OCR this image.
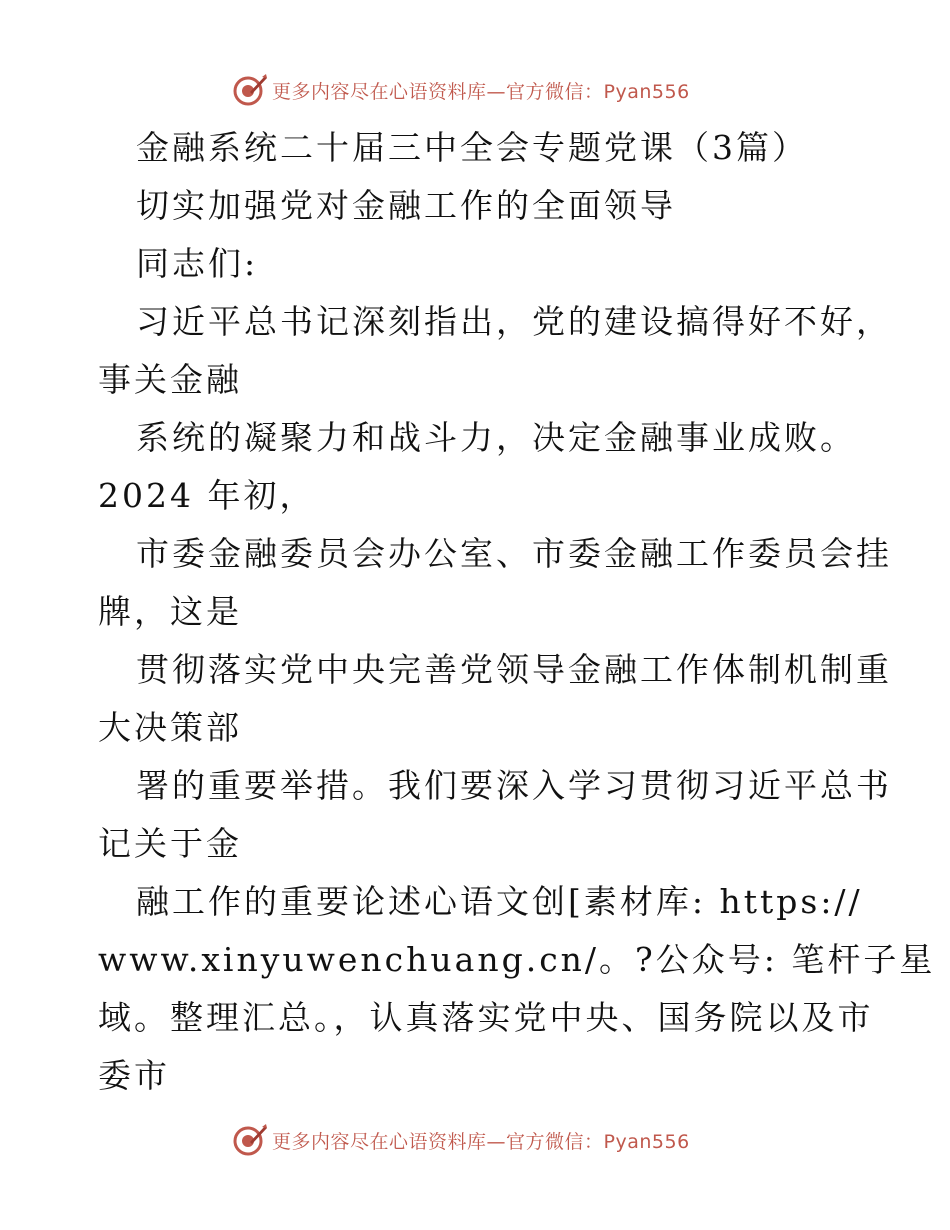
更多内容尽在心语资料库—官方微信：Pyan556
金融系统二十届三中全会专题党课（3篇）
切实加强党对金融工作的全面领导
同志们:
习近平总书记深刻指出，党的建设搞得好不好，
事关金融
系统的凝聚力和战斗力，决定金融事业成败。
2024 年初，
市委金融委员会办公室、市委金融工作委员会挂
牌，这是
贯彻落实党中央完善党领导金融工作体制机制重
大决策部
署的重要举措。我们要深入学习贯彻习近平总书
记关于金
融工作的重要论述心语文创[素材库: https://
www.xinyuwenchuang.cn/。?公众号: 笔杆子星
域。整理汇总。，认真落实党中央、国务院以及市
委市
更多内容尽在心语资料库—官方微信：Pyan556
